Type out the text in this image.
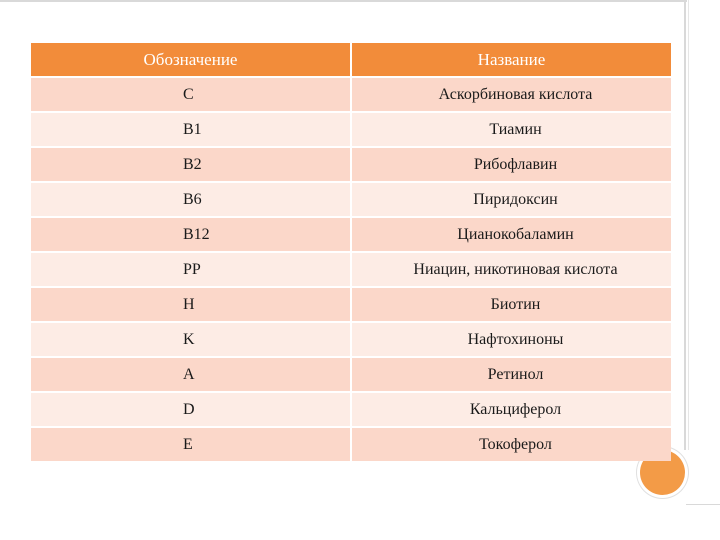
Обозначение	Название
C	Аскорбиновая кислота
B1	Тиамин
B2	Рибофлавин
B6	Пиридоксин
B12	Цианокобаламин
PP	Ниацин, никотиновая кислота
H	Биотин
K	Нафтохиноны
A	Ретинол
D	Кальциферол
E	Токоферол
